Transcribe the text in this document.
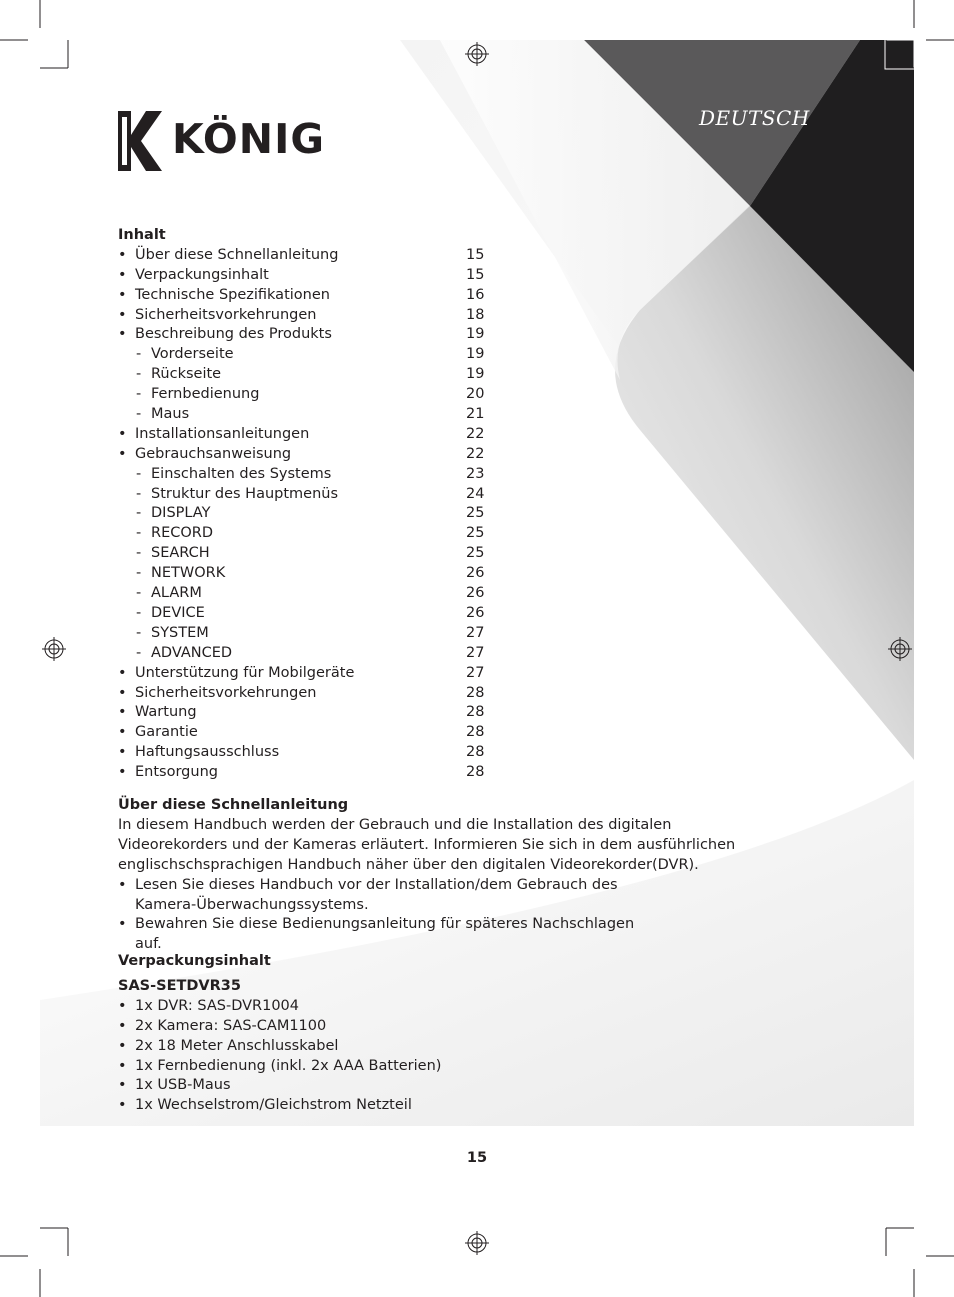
DEUTSCH
KÖNIG
Inhalt
• Über diese Schnellanleitung	15
• Verpackungsinhalt	15
• Technische Spezifikationen	16
• Sicherheitsvorkehrungen	18
• Beschreibung des Produkts	19
- Vorderseite	19
- Rückseite	19
- Fernbedienung	20
- Maus	21
• Installationsanleitungen	22
• Gebrauchsanweisung	22
- Einschalten des Systems	23
- Struktur des Hauptmenüs	24
- DISPLAY	25
- RECORD	25
- SEARCH	25
- NETWORK	26
- ALARM	26
- DEVICE	26
- SYSTEM	27
- ADVANCED	27
• Unterstützung für Mobilgeräte	27
• Sicherheitsvorkehrungen	28
• Wartung	28
• Garantie	28
• Haftungsausschluss	28
• Entsorgung	28
Über diese Schnellanleitung
In diesem Handbuch werden der Gebrauch und die Installation des digitalen Videorekorders und der Kameras erläutert. Informieren Sie sich in dem ausführlichen englischschsprachigen Handbuch näher über den digitalen Videorekorder(DVR).
• Lesen Sie dieses Handbuch vor der Installation/dem Gebrauch des Kamera-Überwachungssystems.
• Bewahren Sie diese Bedienungsanleitung für späteres Nachschlagen auf.
Verpackungsinhalt
SAS-SETDVR35
• 1x DVR: SAS-DVR1004
• 2x Kamera: SAS-CAM1100
• 2x 18 Meter Anschlusskabel
• 1x Fernbedienung (inkl. 2x AAA Batterien)
• 1x USB-Maus
• 1x Wechselstrom/Gleichstrom Netzteil
15
